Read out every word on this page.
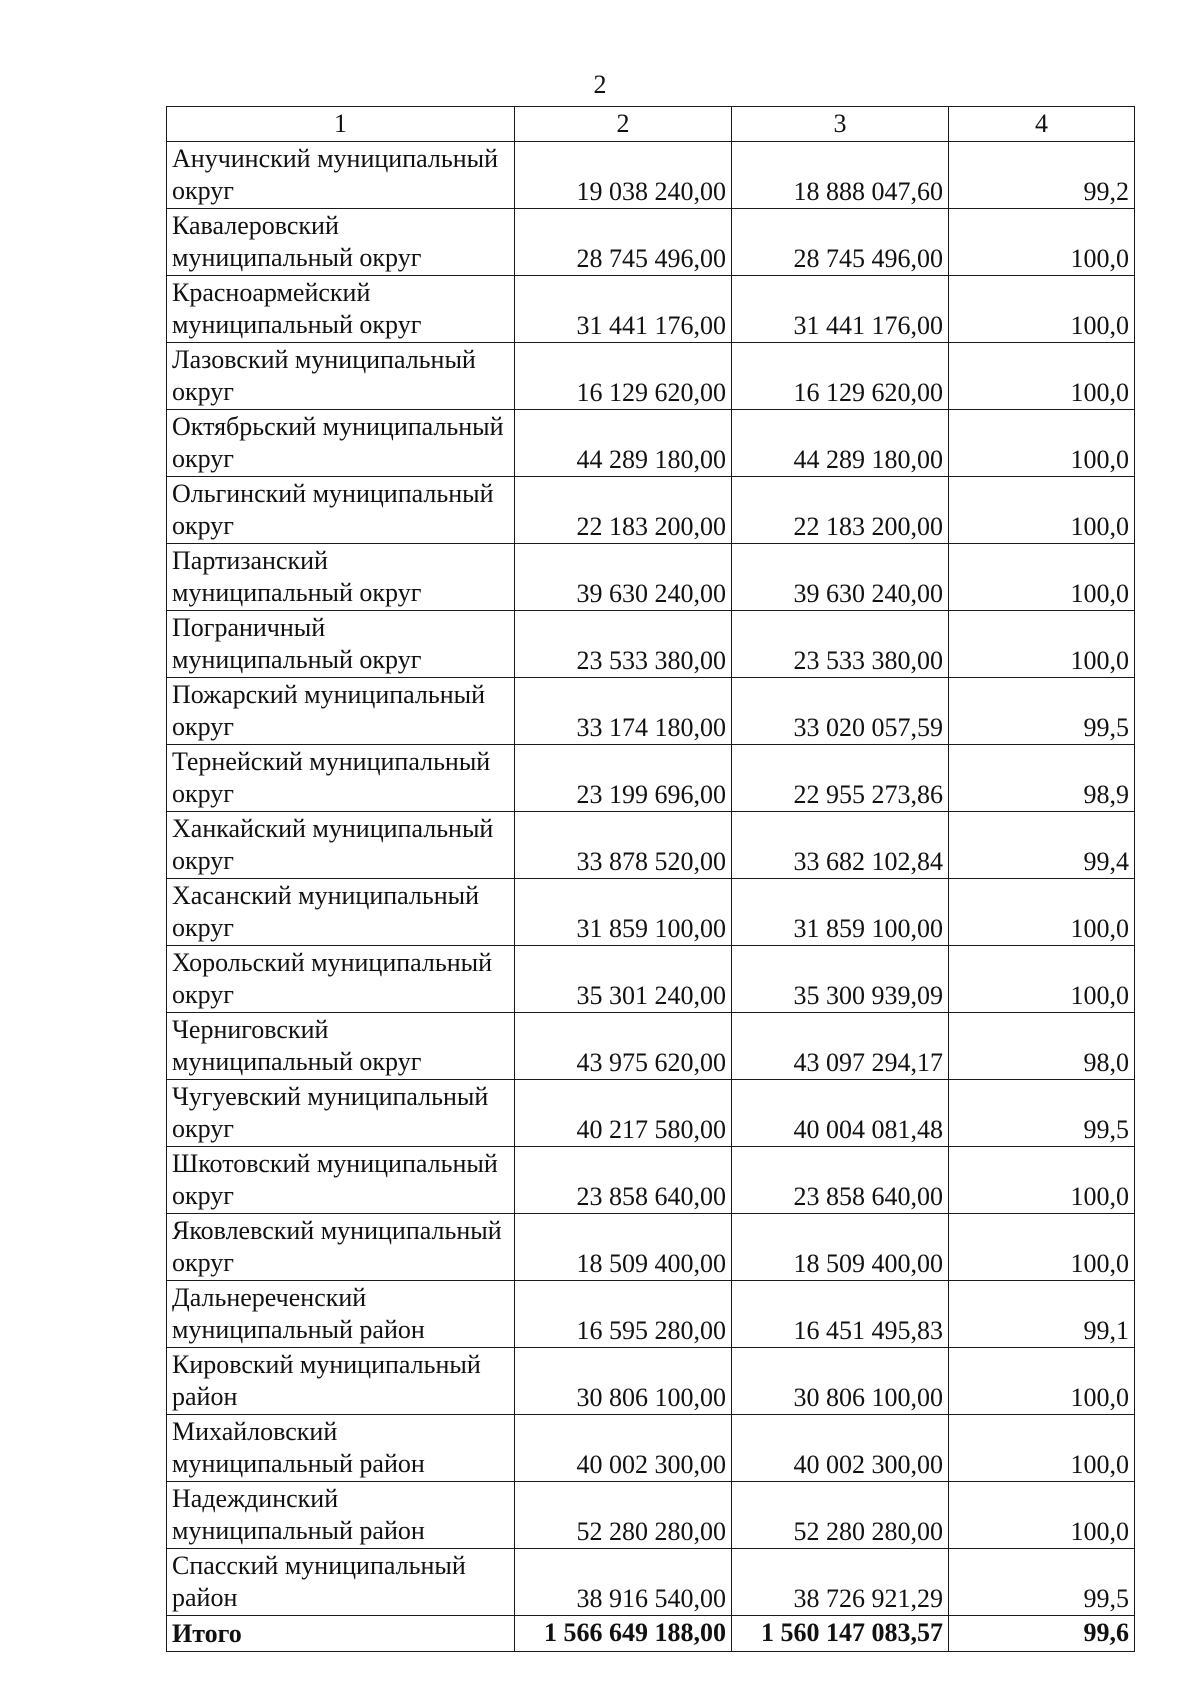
2
1	2	3	4
Анучинский муниципальный округ	19 038 240,00	18 888 047,60	99,2
Кавалеровский муниципальный округ	28 745 496,00	28 745 496,00	100,0
Красноармейский муниципальный округ	31 441 176,00	31 441 176,00	100,0
Лазовский муниципальный округ	16 129 620,00	16 129 620,00	100,0
Октябрьский муниципальный округ	44 289 180,00	44 289 180,00	100,0
Ольгинский муниципальный округ	22 183 200,00	22 183 200,00	100,0
Партизанский муниципальный округ	39 630 240,00	39 630 240,00	100,0
Пограничный муниципальный округ	23 533 380,00	23 533 380,00	100,0
Пожарский муниципальный округ	33 174 180,00	33 020 057,59	99,5
Тернейский муниципальный округ	23 199 696,00	22 955 273,86	98,9
Ханкайский муниципальный округ	33 878 520,00	33 682 102,84	99,4
Хасанский муниципальный округ	31 859 100,00	31 859 100,00	100,0
Хорольский муниципальный округ	35 301 240,00	35 300 939,09	100,0
Черниговский муниципальный округ	43 975 620,00	43 097 294,17	98,0
Чугуевский муниципальный округ	40 217 580,00	40 004 081,48	99,5
Шкотовский муниципальный округ	23 858 640,00	23 858 640,00	100,0
Яковлевский муниципальный округ	18 509 400,00	18 509 400,00	100,0
Дальнереченский муниципальный район	16 595 280,00	16 451 495,83	99,1
Кировский муниципальный район	30 806 100,00	30 806 100,00	100,0
Михайловский муниципальный район	40 002 300,00	40 002 300,00	100,0
Надеждинский муниципальный район	52 280 280,00	52 280 280,00	100,0
Спасский муниципальный район	38 916 540,00	38 726 921,29	99,5
Итого	1 566 649 188,00	1 560 147 083,57	99,6
